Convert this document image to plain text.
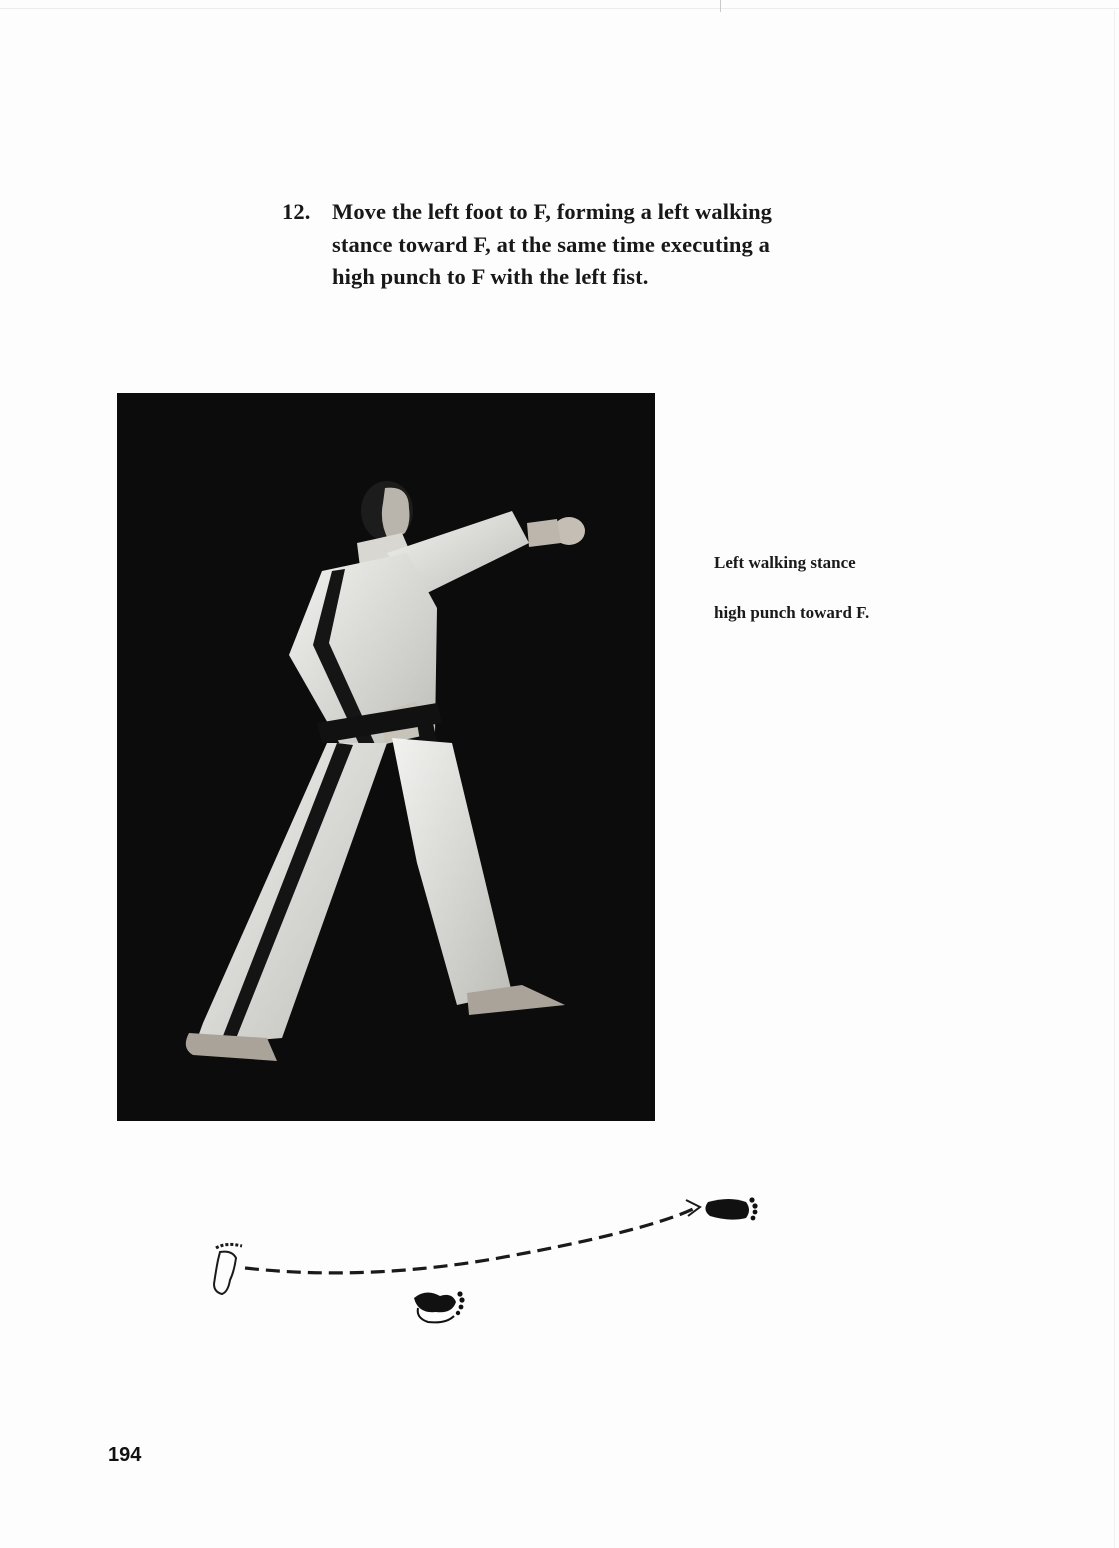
12. Move the left foot to F, forming a left walking
stance toward F, at the same time executing a
high punch to F with the left fist.
Left walking stance
high punch toward F.
194
